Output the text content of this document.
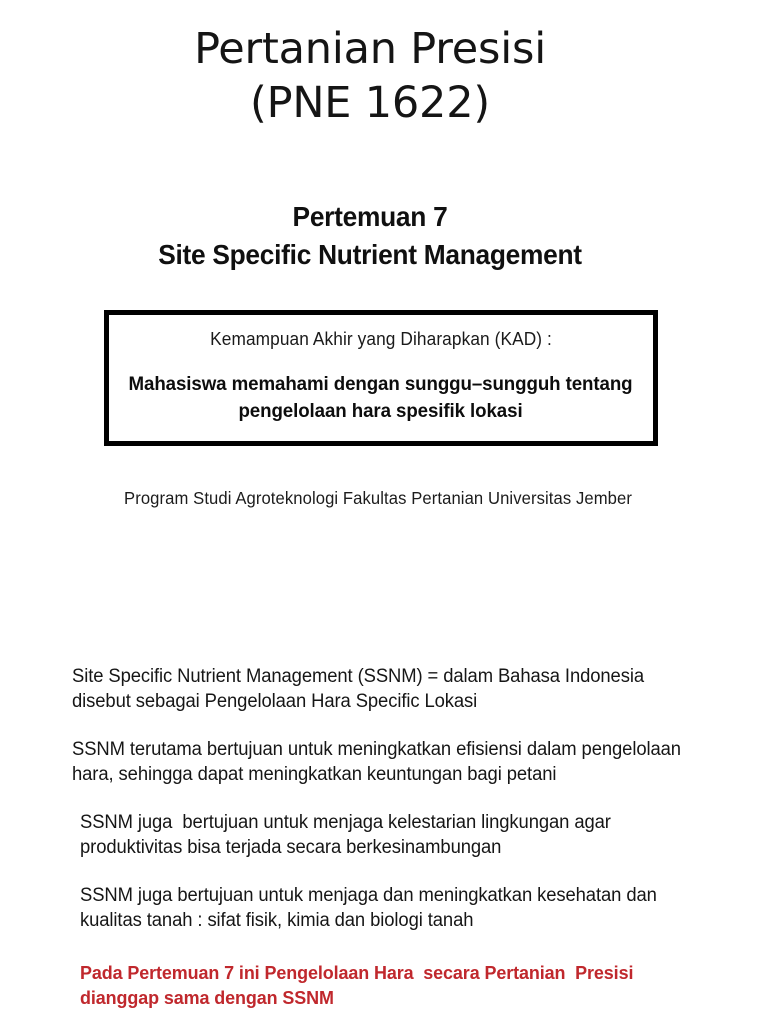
Pertanian Presisi
(PNE 1622)
Pertemuan 7
Site Specific Nutrient Management
Kemampuan Akhir yang Diharapkan (KAD) :
Mahasiswa memahami dengan sunggu–sungguh tentang
pengelolaan hara spesifik lokasi
Program Studi Agroteknologi Fakultas Pertanian Universitas Jember
Site Specific Nutrient Management (SSNM) = dalam Bahasa Indonesia disebut sebagai Pengelolaan Hara Specific Lokasi
SSNM terutama bertujuan untuk meningkatkan efisiensi dalam pengelolaan hara, sehingga dapat meningkatkan keuntungan bagi petani
SSNM juga  bertujuan untuk menjaga kelestarian lingkungan agar produktivitas bisa terjada secara berkesinambungan
SSNM juga bertujuan untuk menjaga dan meningkatkan kesehatan dan kualitas tanah : sifat fisik, kimia dan biologi tanah
Pada Pertemuan 7 ini Pengelolaan Hara  secara Pertanian  Presisi  dianggap sama dengan SSNM
